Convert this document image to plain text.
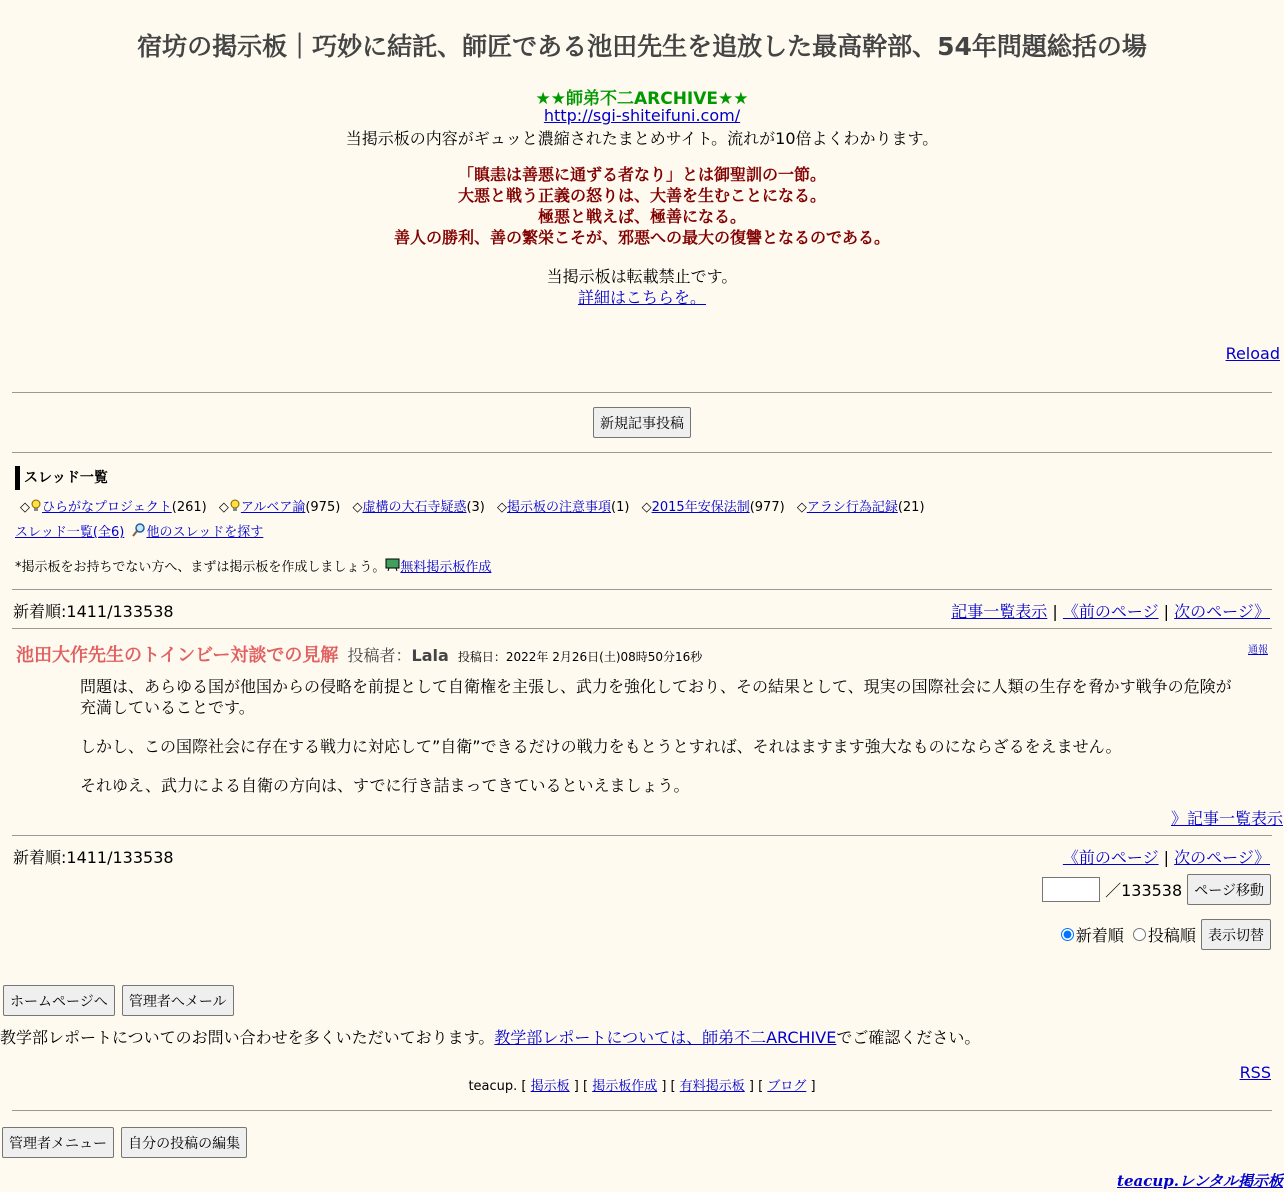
宿坊の掲示板｜巧妙に結託、師匠である池田先生を追放した最高幹部、54年問題総括の場
★★師弟不二ARCHIVE★★
http://sgi-shiteifuni.com/
当掲示板の内容がギュッと濃縮されたまとめサイト。流れが10倍よくわかります。
「瞋恚は善悪に通ずる者なり」とは御聖訓の一節。
大悪と戦う正義の怒りは、大善を生むことになる。
極悪と戦えば、極善になる。
善人の勝利、善の繁栄こそが、邪悪への最大の復讐となるのである。
当掲示板は転載禁止です。
詳細はこちらを。
Reload
新規記事投稿
スレッド一覧
◇ ひらがなプロジェクト(261) ◇ アルベア論(975) ◇虚構の大石寺疑惑(3) ◇掲示板の注意事項(1) ◇2015年安保法制(977) ◇アラシ行為記録(21)
スレッド一覧(全6) 他のスレッドを探す
*掲示板をお持ちでない方へ、まずは掲示板を作成しましょう。 無料掲示板作成
新着順:1411/133538	記事一覧表示 | 《前のページ | 次のページ》
池田大作先生のトインビー対談での見解 投稿者：Lala 投稿日：2022年 2月26日(土)08時50分16秒	通報

問題は、あらゆる国が他国からの侵略を前提として自衛権を主張し、武力を強化しており、その結果として、現実の国際社会に人類の生存を脅かす戦争の危険が充満していることです。

しかし、この国際社会に存在する戦力に対応して”自衛”できるだけの戦力をもとうとすれば、それはますます強大なものにならざるをえません。

それゆえ、武力による自衛の方向は、すでに行き詰まってきているといえましょう。

》記事一覧表示
新着順:1411/133538	《前のページ | 次のページ》
／133538 ページ移動
新着順 投稿順 表示切替
ホームページへ 管理者へメール
教学部レポートについてのお問い合わせを多くいただいております。教学部レポートについては、師弟不二ARCHIVEでご確認ください。
RSS
teacup. [ 掲示板 ] [ 掲示板作成 ] [ 有料掲示板 ] [ ブログ ]
管理者メニュー 自分の投稿の編集
teacup.レンタル掲示板
